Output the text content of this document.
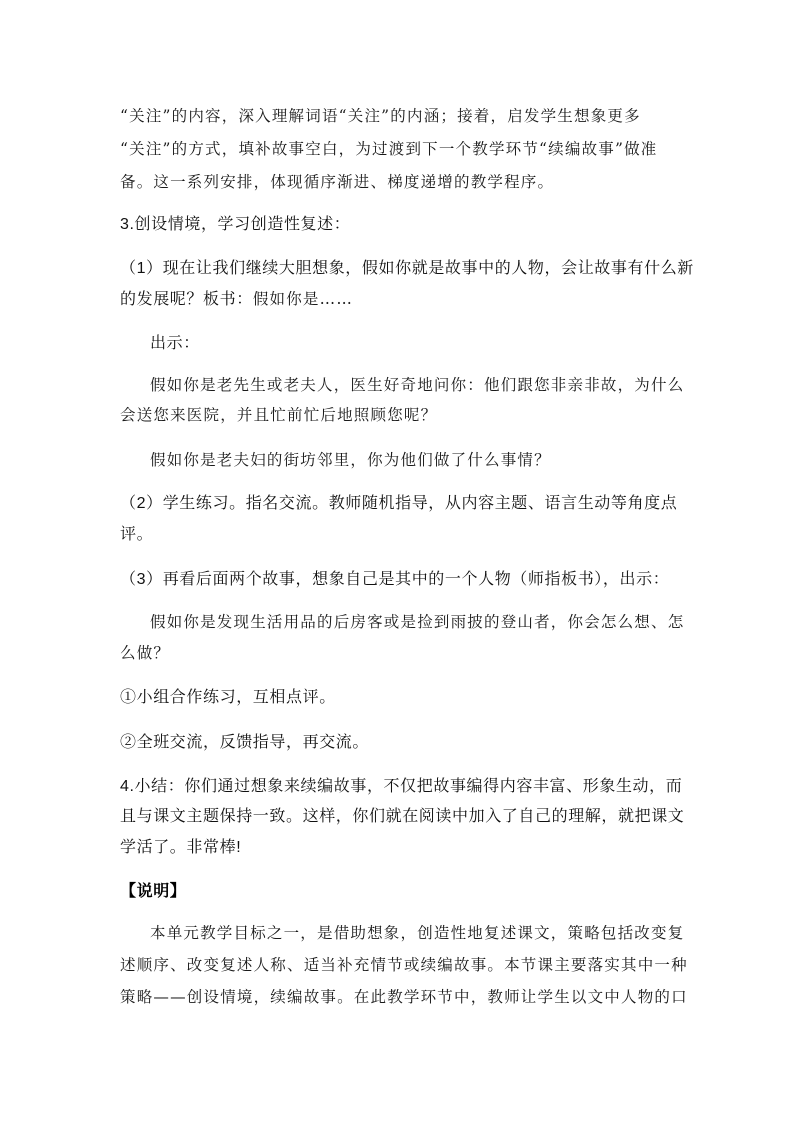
“关注”的内容，深入理解词语“关注”的内涵；接着，启发学生想象更多

“关注”的方式，填补故事空白，为过渡到下一个教学环节“续编故事”做准

备。这一系列安排，体现循序渐进、梯度递增的教学程序。

3.创设情境，学习创造性复述：

（1）现在让我们继续大胆想象，假如你就是故事中的人物，会让故事有什么新

的发展呢？板书：假如你是……

出示：

假如你是老先生或老夫人，医生好奇地问你：他们跟您非亲非故，为什么

会送您来医院，并且忙前忙后地照顾您呢？

假如你是老夫妇的街坊邻里，你为他们做了什么事情？

（2）学生练习。指名交流。教师随机指导，从内容主题、语言生动等角度点

评。

（3）再看后面两个故事，想象自己是其中的一个人物（师指板书），出示：

假如你是发现生活用品的后房客或是捡到雨披的登山者，你会怎么想、怎

么做？

①小组合作练习，互相点评。

②全班交流，反馈指导，再交流。

4.小结：你们通过想象来续编故事，不仅把故事编得内容丰富、形象生动，而

且与课文主题保持一致。这样，你们就在阅读中加入了自己的理解，就把课文

学活了。非常棒!

【说明】

本单元教学目标之一，是借助想象，创造性地复述课文，策略包括改变复

述顺序、改变复述人称、适当补充情节或续编故事。本节课主要落实其中一种

策略——创设情境，续编故事。在此教学环节中，教师让学生以文中人物的口
